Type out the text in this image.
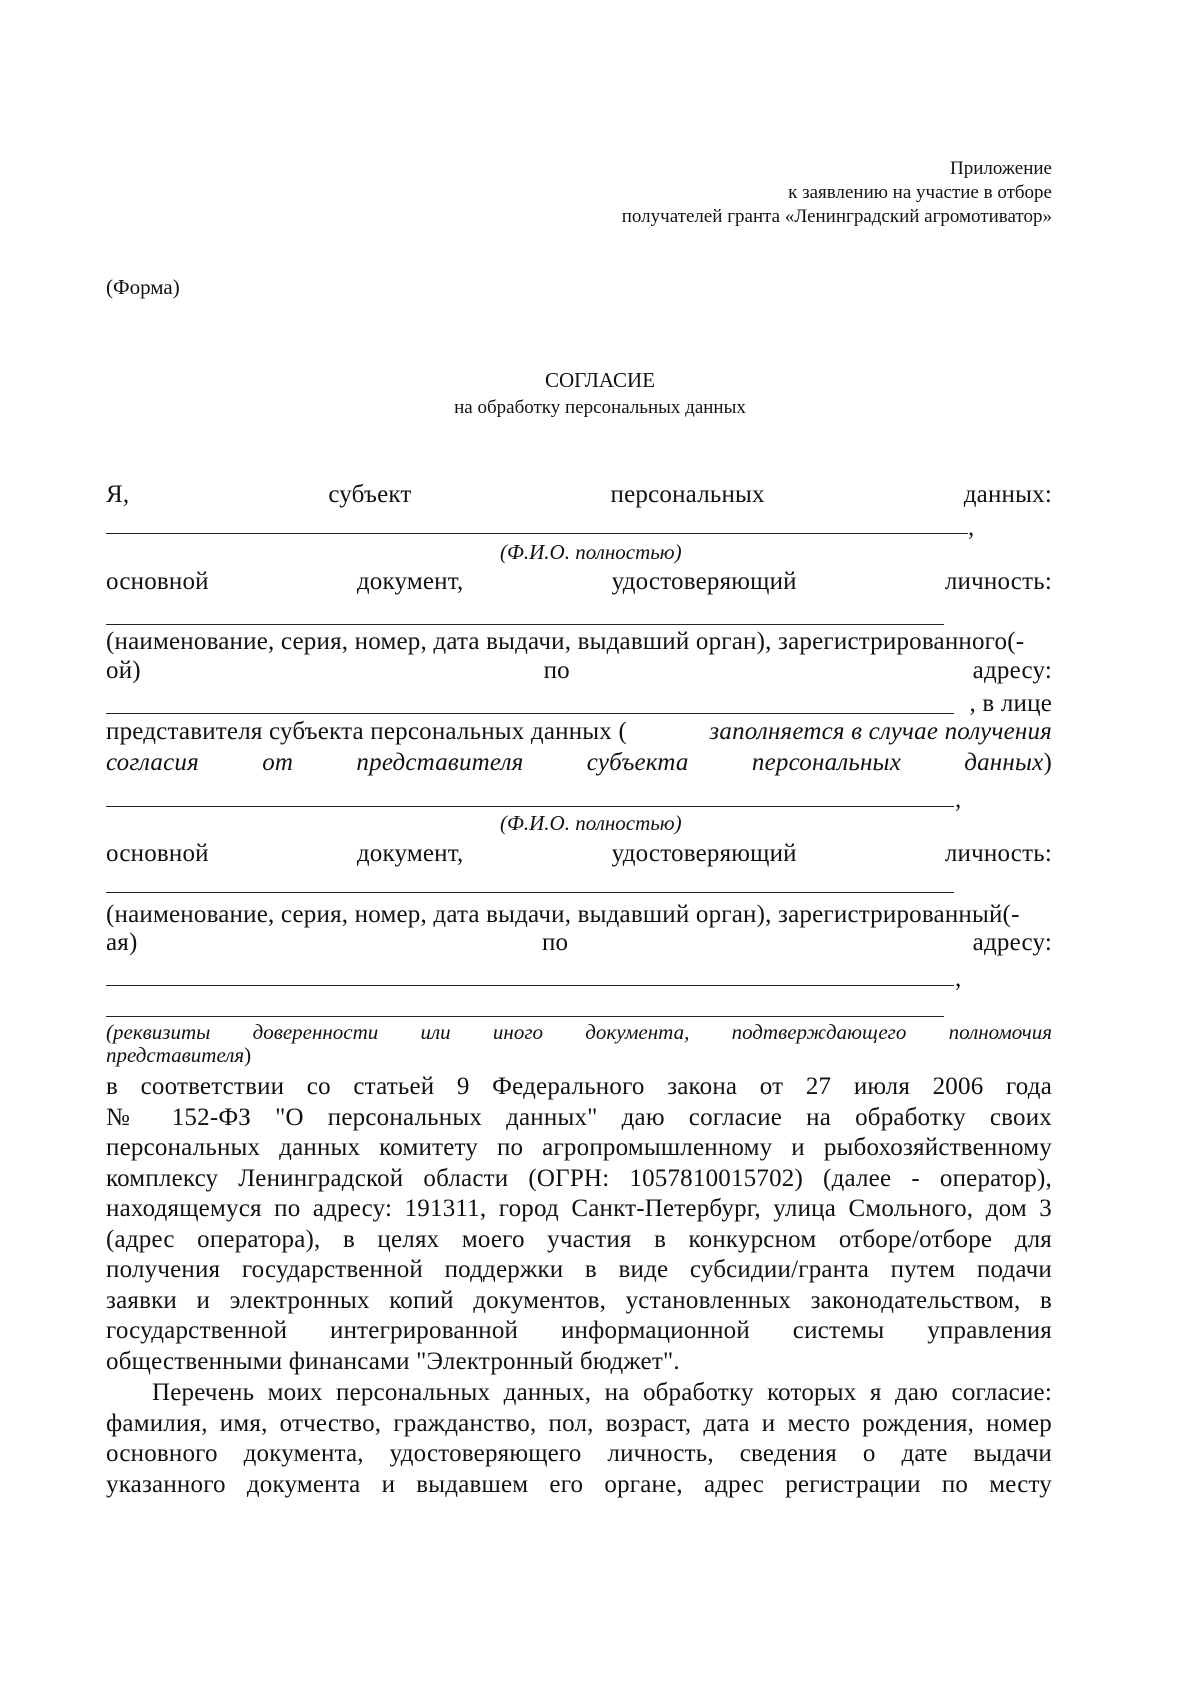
Приложение
к заявлению на участие в отборе
получателей гранта «Ленинградский агромотиватор»
(Форма)
СОГЛАСИЕ
на обработку персональных данных
Я,	субъект	персональных	данных:
,
(Ф.И.О. полностью)
основной	документ,	удостоверяющий	личность:
(наименование, серия, номер, дата выдачи, выдавший орган), зарегистрированного(-
ой)	по	адресу:
, в лице
представителя субъекта персональных данных (	заполняется в случае получения
согласия	от	представителя	субъекта	персональных	данных)
,
(Ф.И.О. полностью)
основной	документ,	удостоверяющий	личность:
(наименование, серия, номер, дата выдачи, выдавший орган), зарегистрированный(-
ая)	по	адресу:
,
(реквизиты доверенности или иного документа, подтверждающего полномочия
представителя)
в соответствии со статьей 9 Федерального закона от 27 июля 2006 года
№ 152-ФЗ "О персональных данных" даю согласие на обработку своих
персональных данных комитету по агропромышленному и рыбохозяйственному
комплексу Ленинградской области (ОГРН: 1057810015702) (далее - оператор),
находящемуся по адресу: 191311, город Санкт-Петербург, улица Смольного, дом 3
(адрес оператора), в целях моего участия в конкурсном отборе/отборе для
получения государственной поддержки в виде субсидии/гранта путем подачи
заявки и электронных копий документов, установленных законодательством, в
государственной интегрированной информационной системы управления
общественными финансами "Электронный бюджет".
Перечень моих персональных данных, на обработку которых я даю согласие:
фамилия, имя, отчество, гражданство, пол, возраст, дата и место рождения, номер
основного документа, удостоверяющего личность, сведения о дате выдачи
указанного документа и выдавшем его органе, адрес регистрации по месту
